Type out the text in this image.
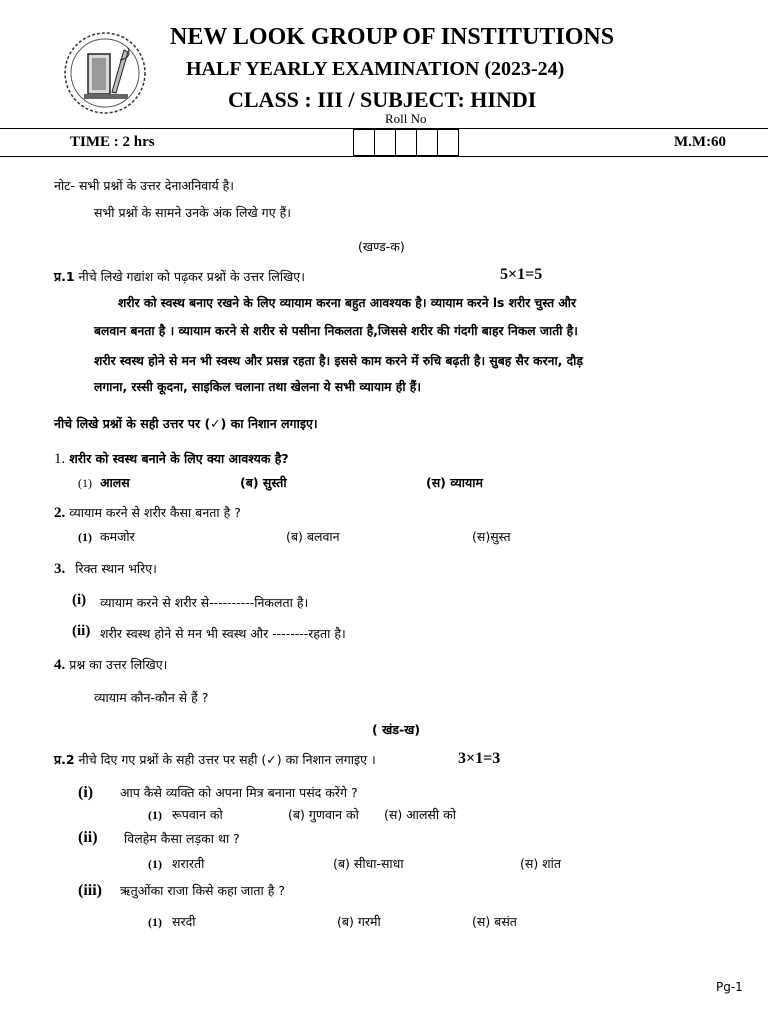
NEW LOOK GROUP OF INSTITUTIONS
HALF YEARLY EXAMINATION (2023-24)
CLASS : III / SUBJECT: HINDI
Roll No
TIME : 2 hrs	M.M:60
नोट- सभी प्रश्नों के उत्तर देनाअनिवार्य है।
सभी प्रश्नों के सामने उनके अंक लिखे गए हैं।
(खण्ड-क)
प्र.1 नीचे लिखे गद्यांश को पढ़कर प्रश्नों के उत्तर लिखिए।	5×1=5
शरीर को स्वस्थ बनाए रखने के लिए व्यायाम करना बहुत आवश्यक है। व्यायाम करने ls शरीर चुस्त और
बलवान बनता है । व्यायाम करने से शरीर से पसीना निकलता है,जिससे शरीर की गंदगी बाहर निकल जाती है।
शरीर स्वस्थ होने से मन भी स्वस्थ और प्रसन्न रहता है। इससे काम करने में रुचि बढ़ती है। सुबह सैर करना, दौड़
लगाना, रस्सी कूदना, साइकिल चलाना तथा खेलना ये सभी व्यायाम ही हैं।
नीचे लिखे प्रश्नों के सही उत्तर पर (✓) का निशान लगाइए।
1. शरीर को स्वस्थ बनाने के लिए क्या आवश्यक है?
(1) आलस	(ब) सुस्ती	(स) व्यायाम
2. व्यायाम करने से शरीर कैसा बनता है ?
(1) कमजोर	(ब) बलवान	(स)सुस्त
3. रिक्त स्थान भरिए।
(i) व्यायाम करने से शरीर से----------निकलता है।
(ii) शरीर स्वस्थ होने से मन भी स्वस्थ और --------रहता है।
4. प्रश्न का उत्तर लिखिए।
व्यायाम कौन-कौन से हैं ?
( खंड-ख)
प्र.2 नीचे दिए गए प्रश्नों के सही उत्तर पर सही (✓) का निशान लगाइए ।	3×1=3
(i) आप कैसे व्यक्ति को अपना मित्र बनाना पसंद करेंगे ?
(1) रूपवान को	(ब) गुणवान को (स) आलसी को
(ii) विलहेम कैसा लड़का था ?
(1) शरारती	(ब) सीधा-साधा	(स) शांत
(iii) ऋतुओंका राजा किसे कहा जाता है ?
(1) सरदी	(ब) गरमी	(स) बसंत
Pg-1
